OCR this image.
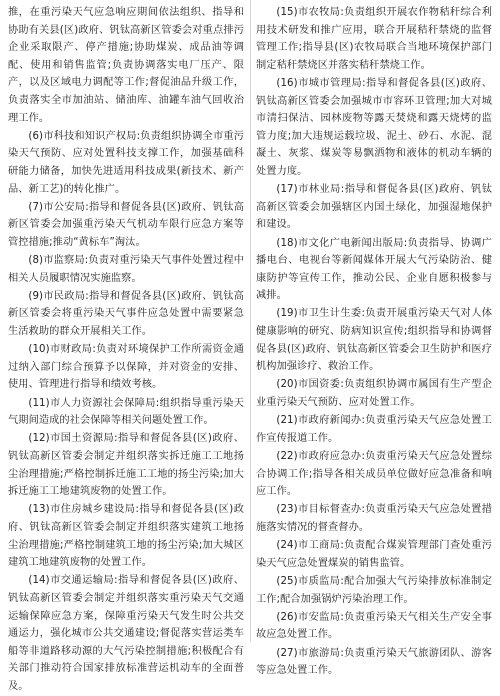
推，在重污染天气应急响应期间依法组织、指导和协助有关县(区)政府、钒钛高新区管委会对重点排污企业采取限产、停产措施;协助煤炭、成品油等调配、使用和销售监管;负责协调落实电厂压产、限产，以及区域电力调配等工作;督促油品升级工作，负责落实全市加油站、储油库、油罐车油气回收治理工作。

(6)市科技和知识产权局:负责组织协调全市重污染天气预防、应对处置科技支撑工作，加强基础科研能力储备，加快先进适用科技成果(新技术、新产品、新工艺)的转化推广。

(7)市公安局:指导和督促各县(区)政府、钒钛高新区管委会加强重污染天气机动车限行应急方案等管控措施;推动“黄标车”淘汰。

(8)市监察局:负责对重污染天气事件处置过程中相关人员履职情况实施监察。

(9)市民政局:指导和督促各县(区)政府、钒钛高新区管委会将重污染天气事件应急处置中需要紧急生活救助的群众开展相关工作。

(10)市财政局:负责对环境保护工作所需资金通过纳入部门综合预算予以保障，并对资金的安排、使用、管理进行指导和绩效考核。

(11)市人力资源社会保障局:组织指导重污染天气期间造成的社会保障等相关问题处置工作。

(12)市国土资源局:指导和督促各县(区)政府、钒钛高新区管委会制定并组织落实拆迁施工工地扬尘治理措施;严格控制拆迁施工工地的扬尘污染;加大拆迁施工工地建筑废物的处置工作。

(13)市住房城乡建设局:指导和督促各县(区)政府、钒钛高新区管委会制定并组织落实建筑工地扬尘治理措施;严格控制建筑工地的扬尘污染;加大城区建筑工地建筑废物的处置工作。

(14)市交通运输局:指导和督促各县(区)政府、钒钛高新区管委会制定并组织落实重污染天气交通运输保障应急方案，保障重污染天气发生时公共交通运力，强化城市公共交通建设;督促落实营运类车船等非道路移动源的大气污染控制措施;积极配合有关部门推动符合国家排放标准营运机动车的全面普及。

(15)市农牧局:负责组织开展农作物秸秆综合利用技术研发和推广应用，联合开展秸秆禁烧的监督管理工作;指导县(区)农牧局联合当地环境保护部门制定秸秆禁烧区并落实秸秆禁烧工作。

(16)市城市管理局:指导和督促各县(区)政府、钒钛高新区管委会加强城市市容环卫管理;加大对城市清扫保洁、园林废物等露天焚烧和露天烧烤的监管力度;加大违规运载垃圾、泥土、砂石、水泥、混凝土、灰浆、煤炭等易飘洒物和液体的机动车辆的处置力度。

(17)市林业局:指导和督促各县(区)政府、钒钛高新区管委会加强辖区内国土绿化，加强湿地保护和建设。

(18)市文化广电新闻出版局:负责指导、协调广播电台、电视台等新闻媒体开展大气污染防治、健康防护等宣传工作，推动公民、企业自愿积极参与减排。

(19)市卫生计生委:负责开展重污染天气对人体健康影响的研究、防病知识宣传;组织指导和协调督促各县(区)政府、钒钛高新区管委会卫生防护和医疗机构加强诊疗、救治工作。

(20)市国资委:负责组织协调市属国有生产型企业重污染天气预防、应对处置工作。

(21)市政府新闻办:负责重污染天气应急处置工作宣传报道工作。

(22)市政府应急办:负责重污染天气应急处置综合协调工作;指导各相关成员单位做好应急准备和响应工作。

(23)市目标督查办:负责重污染天气应急处置措施落实情况的督查督办。

(24)市工商局:负责配合煤炭管理部门查处重污染天气应急处置煤炭的销售监管。

(25)市质监局:配合加强大气污染排放标准制定工作;配合加强锅炉污染治理工作。

(26)市安监局:负责重污染天气相关生产安全事故应急处置工作。

(27)市旅游局:负责重污染天气旅游团队、游客等应急处置工作。
